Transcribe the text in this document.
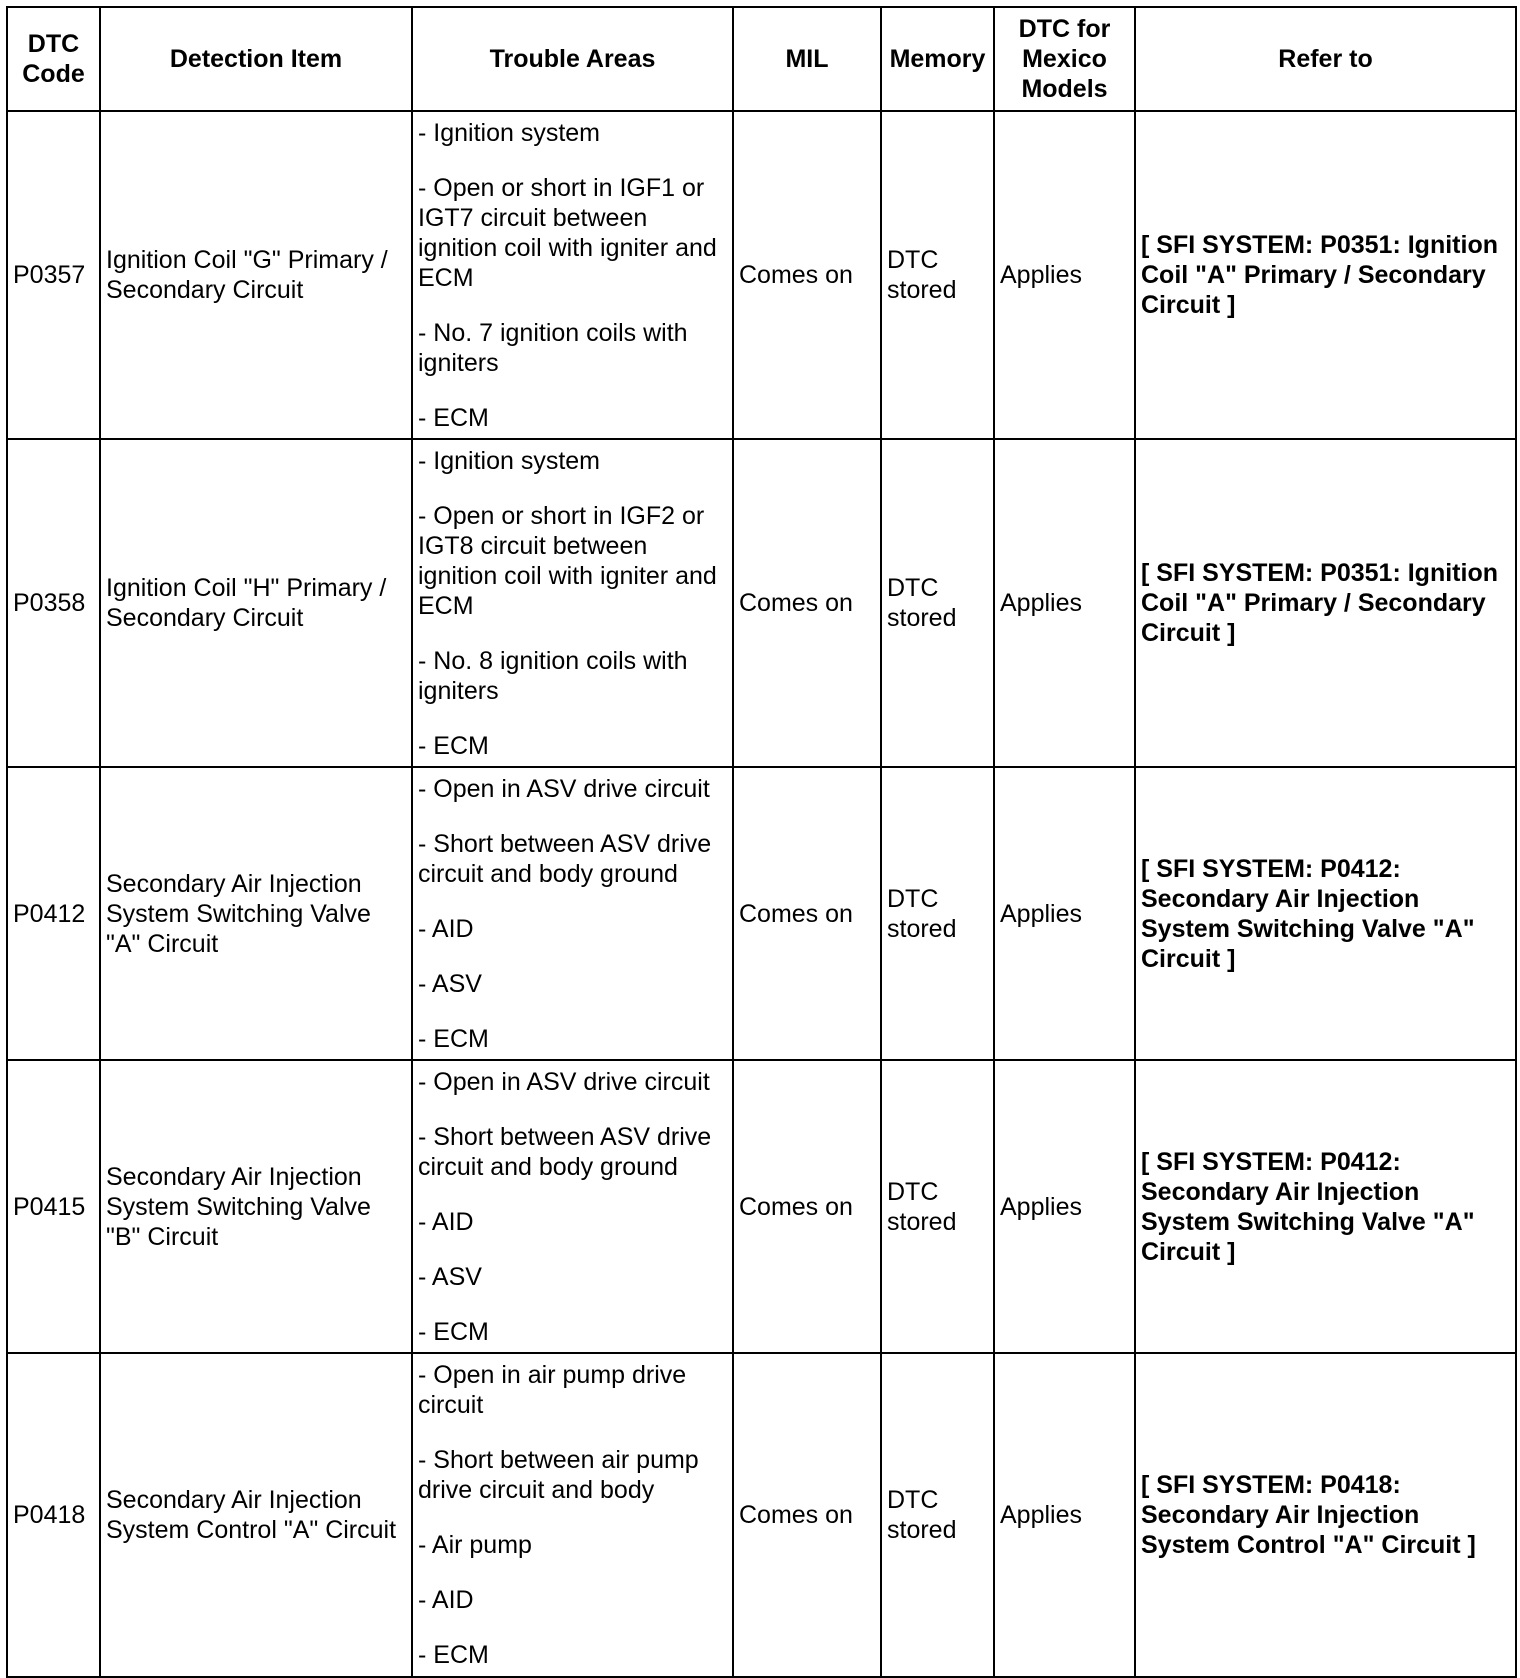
DTC Code	Detection Item	Trouble Areas	MIL	Memory	DTC for Mexico Models	Refer to
P0357	Ignition Coil "G" Primary / Secondary Circuit	- Ignition system
- Open or short in IGF1 or IGT7 circuit between ignition coil with igniter and ECM
- No. 7 ignition coils with igniters
- ECM	Comes on	DTC stored	Applies	[ SFI SYSTEM: P0351: Ignition Coil "A" Primary / Secondary Circuit ]
P0358	Ignition Coil "H" Primary / Secondary Circuit	- Ignition system
- Open or short in IGF2 or IGT8 circuit between ignition coil with igniter and ECM
- No. 8 ignition coils with igniters
- ECM	Comes on	DTC stored	Applies	[ SFI SYSTEM: P0351: Ignition Coil "A" Primary / Secondary Circuit ]
P0412	Secondary Air Injection System Switching Valve "A" Circuit	- Open in ASV drive circuit
- Short between ASV drive circuit and body ground
- AID
- ASV
- ECM	Comes on	DTC stored	Applies	[ SFI SYSTEM: P0412: Secondary Air Injection System Switching Valve "A" Circuit ]
P0415	Secondary Air Injection System Switching Valve "B" Circuit	- Open in ASV drive circuit
- Short between ASV drive circuit and body ground
- AID
- ASV
- ECM	Comes on	DTC stored	Applies	[ SFI SYSTEM: P0412: Secondary Air Injection System Switching Valve "A" Circuit ]
P0418	Secondary Air Injection System Control "A" Circuit	- Open in air pump drive circuit
- Short between air pump drive circuit and body
- Air pump
- AID
- ECM	Comes on	DTC stored	Applies	[ SFI SYSTEM: P0418: Secondary Air Injection System Control "A" Circuit ]
